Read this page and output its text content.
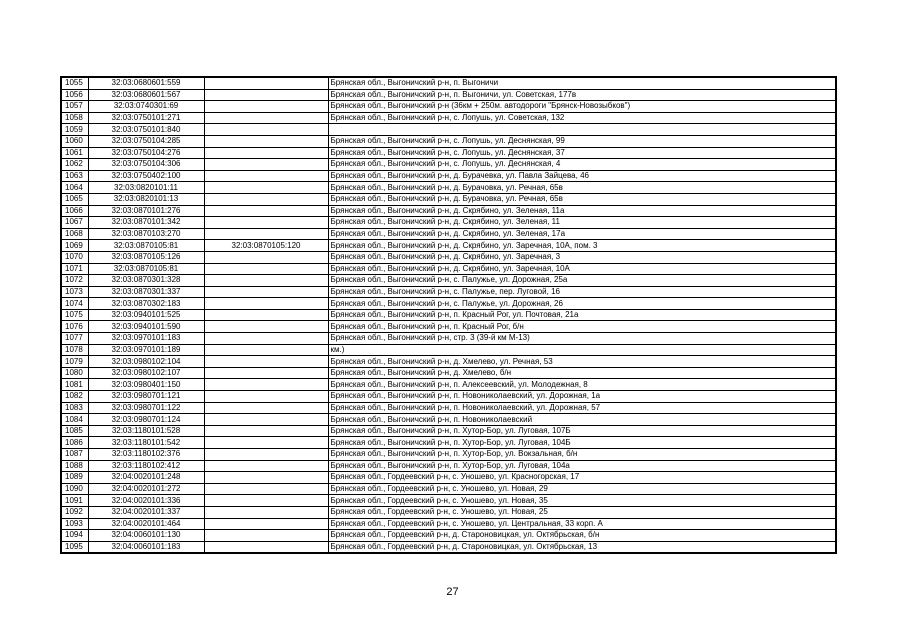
1055	32:03:0680601:559		Брянская обл., Выгоничский р-н, п. Выгоничи
1056	32:03:0680601:567		Брянская обл., Выгоничский р-н, п. Выгоничи, ул. Советская, 177в
1057	32:03:0740301:69		Брянская обл., Выгоничский р-н (36км + 250м. автодороги "Брянск-Новозыбков")
1058	32:03:0750101:271		Брянская обл., Выгоничский р-н, с. Лопушь, ул. Советская, 132
1059	32:03:0750101:840		
1060	32:03:0750104:285		Брянская обл., Выгоничский р-н, с. Лопушь, ул. Деснянская, 99
1061	32:03:0750104:276		Брянская обл., Выгоничский р-н, с. Лопушь, ул. Деснянская, 37
1062	32:03:0750104:306		Брянская обл., Выгоничский р-н, с. Лопушь, ул. Деснянская, 4
1063	32:03:0750402:100		Брянская обл., Выгоничский р-н, д. Бурачевка, ул. Павла Зайцева, 46
1064	32:03:0820101:11		Брянская обл., Выгоничский р-н, д. Бурачовка, ул. Речная, 65в
1065	32:03:0820101:13		Брянская обл., Выгоничский р-н, д. Бурачовка, ул. Речная, 65в
1066	32:03:0870101:276		Брянская обл., Выгоничский р-н, д. Скрябино, ул. Зеленая, 11а
1067	32:03:0870101:342		Брянская обл., Выгоничский р-н, д. Скрябино, ул. Зеленая, 11
1068	32:03:0870103:270		Брянская обл., Выгоничский р-н, д. Скрябино, ул. Зеленая, 17а
1069	32:03:0870105:81	32:03:0870105:120	Брянская обл., Выгоничский р-н, д. Скрябино, ул. Заречная, 10А, пом. 3
1070	32:03:0870105:126		Брянская обл., Выгоничский р-н, д. Скрябино, ул. Заречная, 3
1071	32:03:0870105:81		Брянская обл., Выгоничский р-н, д. Скрябино, ул. Заречная, 10А
1072	32:03:0870301:328		Брянская обл., Выгоничский р-н, с. Палужье, ул. Дорожная, 25а
1073	32:03:0870301:337		Брянская обл., Выгоничский р-н, с. Палужье, пер. Луговой, 16
1074	32:03:0870302:183		Брянская обл., Выгоничский р-н, с. Палужье, ул. Дорожная, 26
1075	32:03:0940101:525		Брянская обл., Выгоничский р-н, п. Красный Рог, ул. Почтовая, 21а
1076	32:03:0940101:590		Брянская обл., Выгоничский р-н, п. Красный Рог, б/н
1077	32:03:0970101:183		Брянская обл., Выгоничский р-н, стр. 3 (39-й км М-13)
1078	32:03:0970101:189		км.)
1079	32:03:0980102:104		Брянская обл., Выгоничский р-н, д. Хмелево, ул. Речная, 53
1080	32:03:0980102:107		Брянская обл., Выгоничский р-н, д. Хмелево, б/н
1081	32:03:0980401:150		Брянская обл., Выгоничский р-н, п. Алексеевский, ул. Молодежная, 8
1082	32:03:0980701:121		Брянская обл., Выгоничский р-н, п. Новониколаевский, ул. Дорожная, 1а
1083	32:03:0980701:122		Брянская обл., Выгоничский р-н, п. Новониколаевский, ул. Дорожная, 57
1084	32:03:0980701:124		Брянская обл., Выгоничский р-н, п. Новониколаевский
1085	32:03:1180101:528		Брянская обл., Выгоничский р-н, п. Хутор-Бор, ул. Луговая, 107Б
1086	32:03:1180101:542		Брянская обл., Выгоничский р-н, п. Хутор-Бор, ул. Луговая, 104Б
1087	32:03:1180102:376		Брянская обл., Выгоничский р-н, п. Хутор-Бор, ул. Вокзальная, б/н
1088	32:03:1180102:412		Брянская обл., Выгоничский р-н, п. Хутор-Бор, ул. Луговая, 104а
1089	32:04:0020101:248		Брянская обл., Гордеевский р-н, с. Уношево, ул. Красногорская, 17
1090	32:04:0020101:272		Брянская обл., Гордеевский р-н, с. Уношево, ул. Новая, 29
1091	32:04:0020101:336		Брянская обл., Гордеевский р-н, с. Уношево, ул. Новая, 35
1092	32:04:0020101:337		Брянская обл., Гордеевский р-н, с. Уношево, ул. Новая, 25
1093	32:04:0020101:464		Брянская обл., Гордеевский р-н, с. Уношево, ул. Центральная, 33 корп. А
1094	32:04:0060101:130		Брянская обл., Гордеевский р-н, д. Староновицкая, ул. Октябрьская, б/н
1095	32:04:0060101:183		Брянская обл., Гордеевский р-н, д. Староновицкая, ул. Октябрьская, 13
27
